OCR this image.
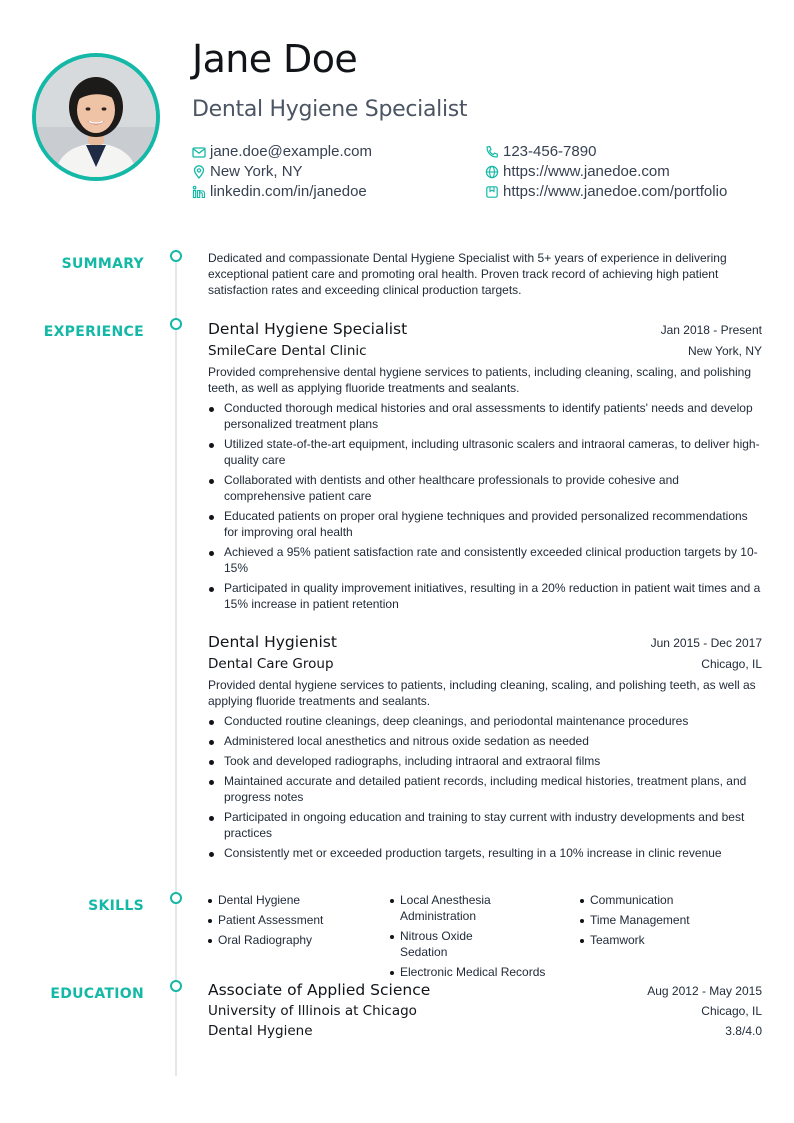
Jane Doe
Dental Hygiene Specialist
jane.doe@example.com
New York, NY
linkedin.com/in/janedoe
123-456-7890
https://www.janedoe.com
https://www.janedoe.com/portfolio
SUMMARY
EXPERIENCE
SKILLS
EDUCATION

Dedicated and compassionate Dental Hygiene Specialist with 5+ years of experience in delivering exceptional patient care and promoting oral health. Proven track record of achieving high patient satisfaction rates and exceeding clinical production targets.

Dental Hygiene Specialist	Jan 2018 - Present
SmileCare Dental Clinic	New York, NY

Provided comprehensive dental hygiene services to patients, including cleaning, scaling, and polishing teeth, as well as applying fluoride treatments and sealants.

Conducted thorough medical histories and oral assessments to identify patients' needs and develop personalized treatment plans
Utilized state-of-the-art equipment, including ultrasonic scalers and intraoral cameras, to deliver high-quality care
Collaborated with dentists and other healthcare professionals to provide cohesive and comprehensive patient care
Educated patients on proper oral hygiene techniques and provided personalized recommendations for improving oral health
Achieved a 95% patient satisfaction rate and consistently exceeded clinical production targets by 10-15%
Participated in quality improvement initiatives, resulting in a 20% reduction in patient wait times and a 15% increase in patient retention
Dental Hygienist	Jun 2015 - Dec 2017
Dental Care Group	Chicago, IL

Provided dental hygiene services to patients, including cleaning, scaling, and polishing teeth, as well as applying fluoride treatments and sealants.

Conducted routine cleanings, deep cleanings, and periodontal maintenance procedures
Administered local anesthetics and nitrous oxide sedation as needed
Took and developed radiographs, including intraoral and extraoral films
Maintained accurate and detailed patient records, including medical histories, treatment plans, and progress notes
Participated in ongoing education and training to stay current with industry developments and best practices
Consistently met or exceeded production targets, resulting in a 10% increase in clinic revenue
Dental Hygiene
Patient Assessment
Oral Radiography
Local Anesthesia Administration
Nitrous Oxide Sedation
Electronic Medical Records
Communication
Time Management
Teamwork
Associate of Applied Science	Aug 2012 - May 2015
University of Illinois at Chicago	Chicago, IL
Dental Hygiene	3.8/4.0
